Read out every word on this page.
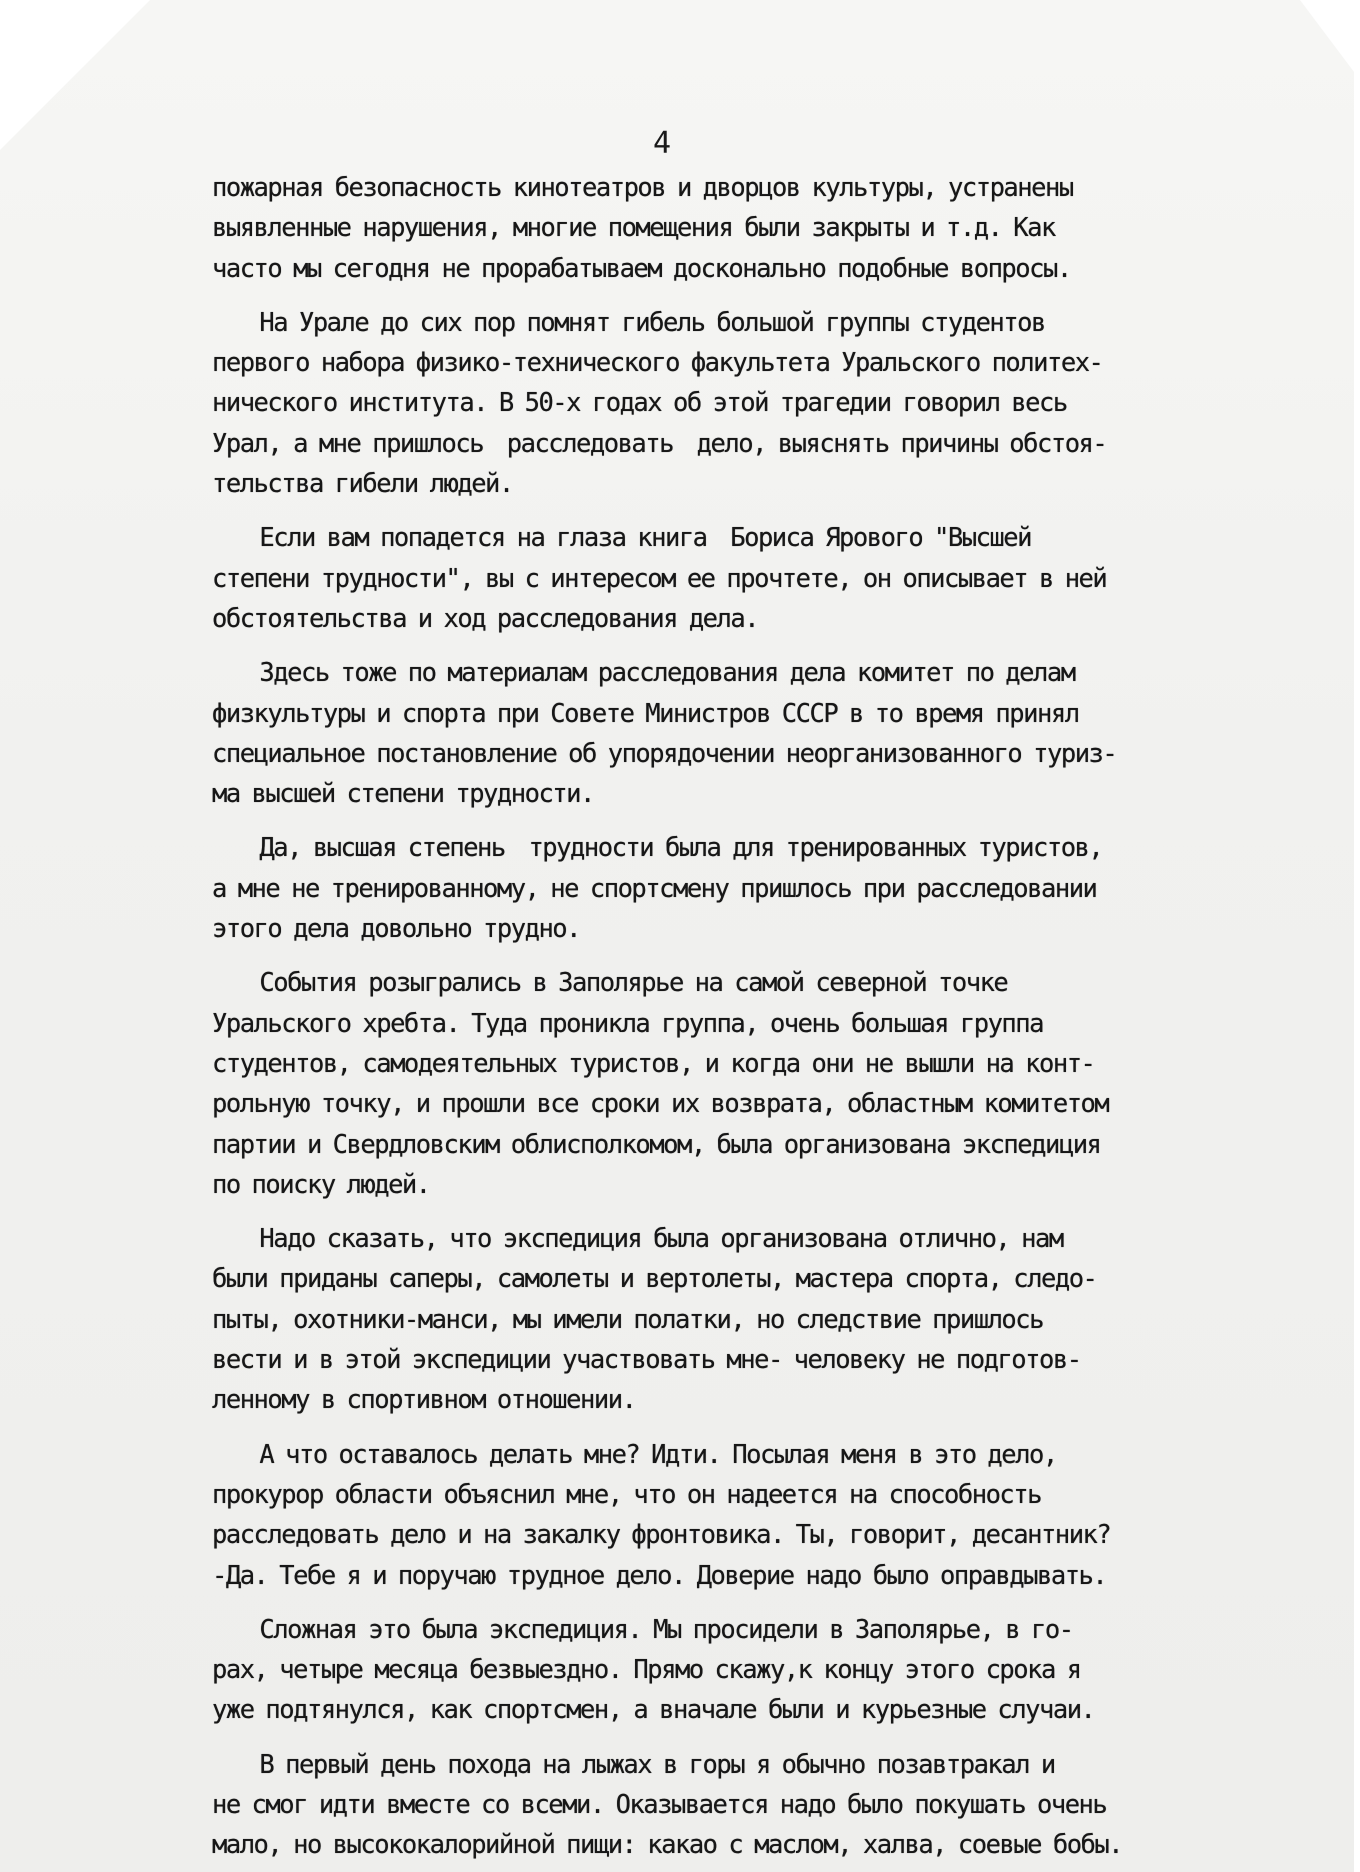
4
пожарная безопасность кинотеатров и дворцов культуры, устранены
выявленные нарушения, многие помещения были закрыты и т.д. Как
часто мы сегодня не прорабатываем досконально подобные вопросы.
На Урале до сих пор помнят гибель большой группы студентов
первого набора физико-технического факультета Уральского политех-
нического института. В 50-х годах об этой трагедии говорил весь
Урал, а мне пришлось  расследовать  дело, выяснять причины обстоя-
тельства гибели людей.
Если вам попадется на глаза книга  Бориса Ярового "Высшей
степени трудности", вы с интересом ее прочтете, он описывает в ней
обстоятельства и ход расследования дела.
Здесь тоже по материалам расследования дела комитет по делам
физкультуры и спорта при Совете Министров СССР в то время принял
специальное постановление об упорядочении неорганизованного туриз-
ма высшей степени трудности.
Да, высшая степень  трудности была для тренированных туристов,
а мне не тренированному, не спортсмену пришлось при расследовании
этого дела довольно трудно.
События розыгрались в Заполярье на самой северной точке
Уральского хребта. Туда проникла группа, очень большая группа
студентов, самодеятельных туристов, и когда они не вышли на конт-
рольную точку, и прошли все сроки их возврата, областным комитетом
партии и Свердловским облисполкомом, была организована экспедиция
по поиску людей.
Надо сказать, что экспедиция была организована отлично, нам
были приданы саперы, самолеты и вертолеты, мастера спорта, следо-
пыты, охотники-манси, мы имели полатки, но следствие пришлось
вести и в этой экспедиции участвовать мне- человеку не подготов-
ленному в спортивном отношении.
А что оставалось делать мне? Идти. Посылая меня в это дело,
прокурор области объяснил мне, что он надеется на способность
расследовать дело и на закалку фронтовика. Ты, говорит, десантник?
-Да. Тебе я и поручаю трудное дело. Доверие надо было оправдывать.
Сложная это была экспедиция. Мы просидели в Заполярье, в го-
рах, четыре месяца безвыездно. Прямо скажу,к концу этого срока я
уже подтянулся, как спортсмен, а вначале были и курьезные случаи.
В первый день похода на лыжах в горы я обычно позавтракал и
не смог идти вместе со всеми. Оказывается надо было покушать очень
мало, но высококалорийной пищи: какао с маслом, халва, соевые бобы.
